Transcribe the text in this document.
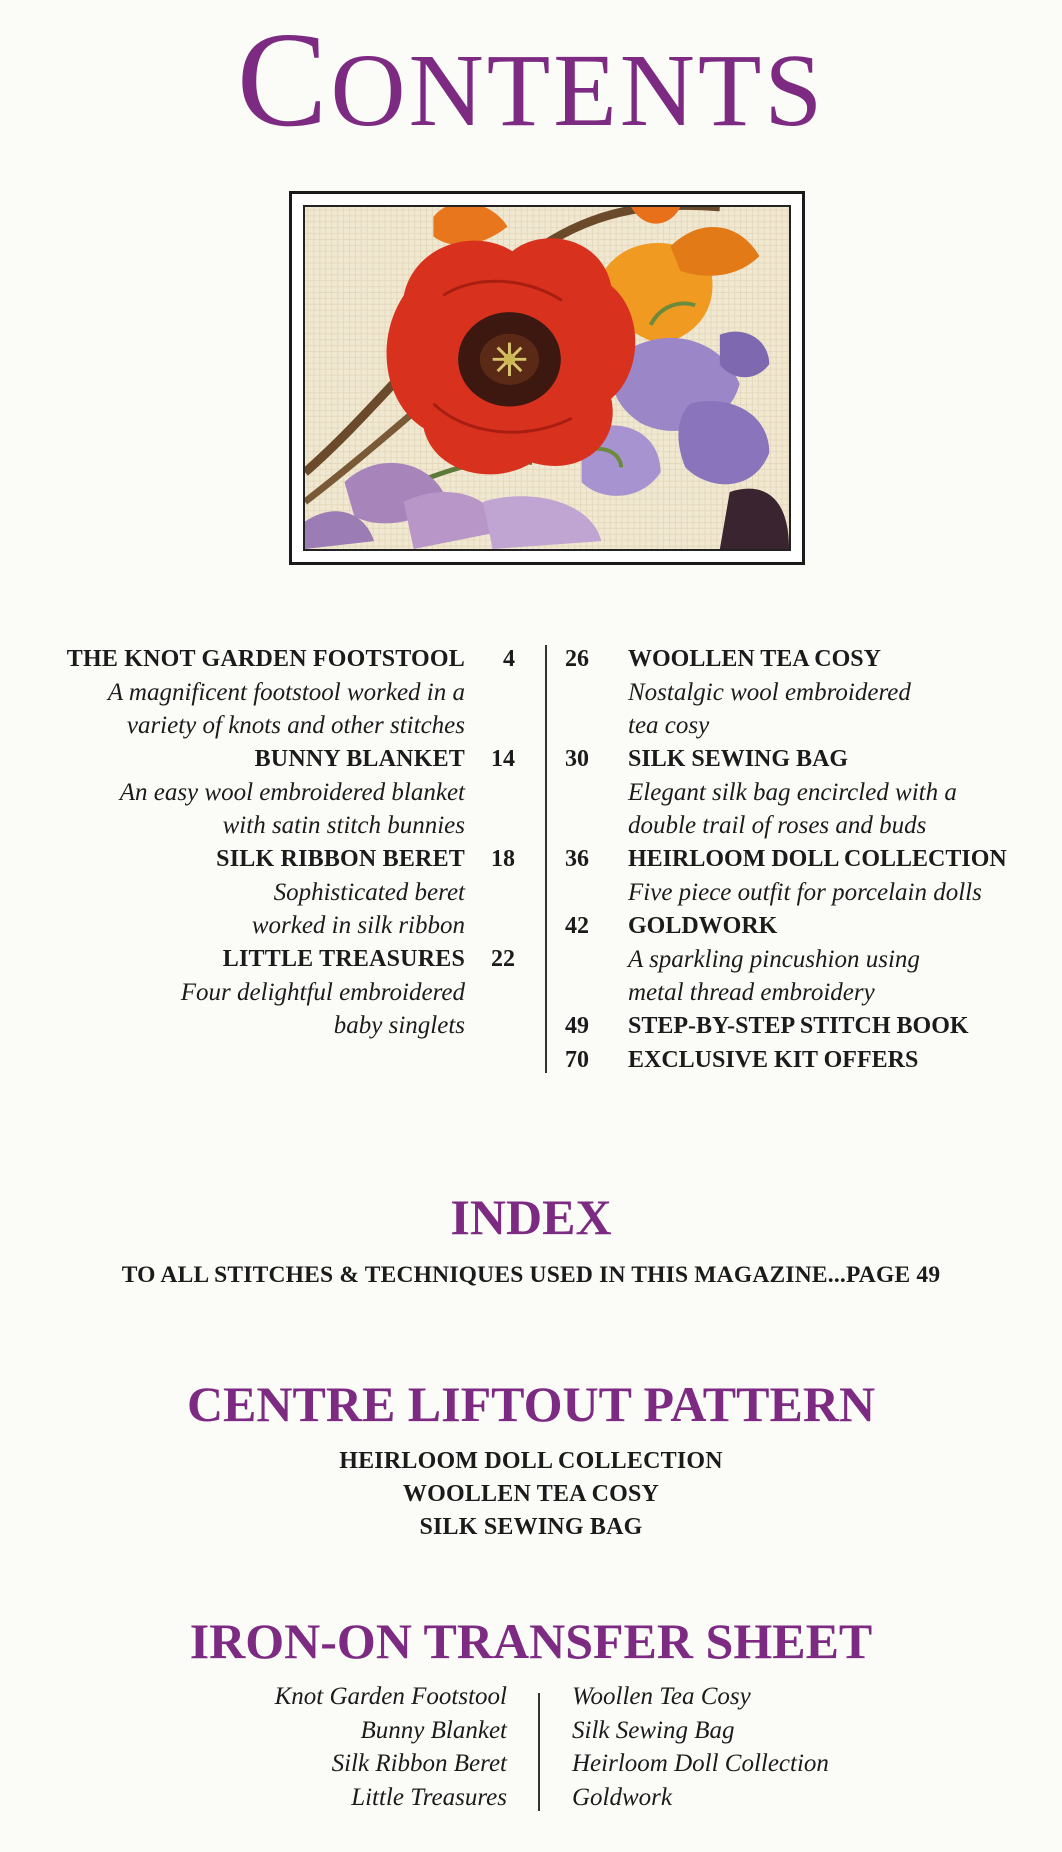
CONTENTS
THE KNOT GARDEN FOOTSTOOL	4
A magnificent footstool worked in a
variety of knots and other stitches
BUNNY BLANKET	14
An easy wool embroidered blanket
with satin stitch bunnies
SILK RIBBON BERET	18
Sophisticated beret
worked in silk ribbon
LITTLE TREASURES	22
Four delightful embroidered
baby singlets
26	WOOLLEN TEA COSY
Nostalgic wool embroidered
tea cosy
30	SILK SEWING BAG
Elegant silk bag encircled with a
double trail of roses and buds
36	HEIRLOOM DOLL COLLECTION
Five piece outfit for porcelain dolls
42	GOLDWORK
A sparkling pincushion using
metal thread embroidery
49	STEP-BY-STEP STITCH BOOK
70	EXCLUSIVE KIT OFFERS
INDEX
TO ALL STITCHES & TECHNIQUES USED IN THIS MAGAZINE...PAGE 49
CENTRE LIFTOUT PATTERN
HEIRLOOM DOLL COLLECTION
WOOLLEN TEA COSY
SILK SEWING BAG
IRON-ON TRANSFER SHEET
Knot Garden Footstool
Bunny Blanket
Silk Ribbon Beret
Little Treasures
Woollen Tea Cosy
Silk Sewing Bag
Heirloom Doll Collection
Goldwork
